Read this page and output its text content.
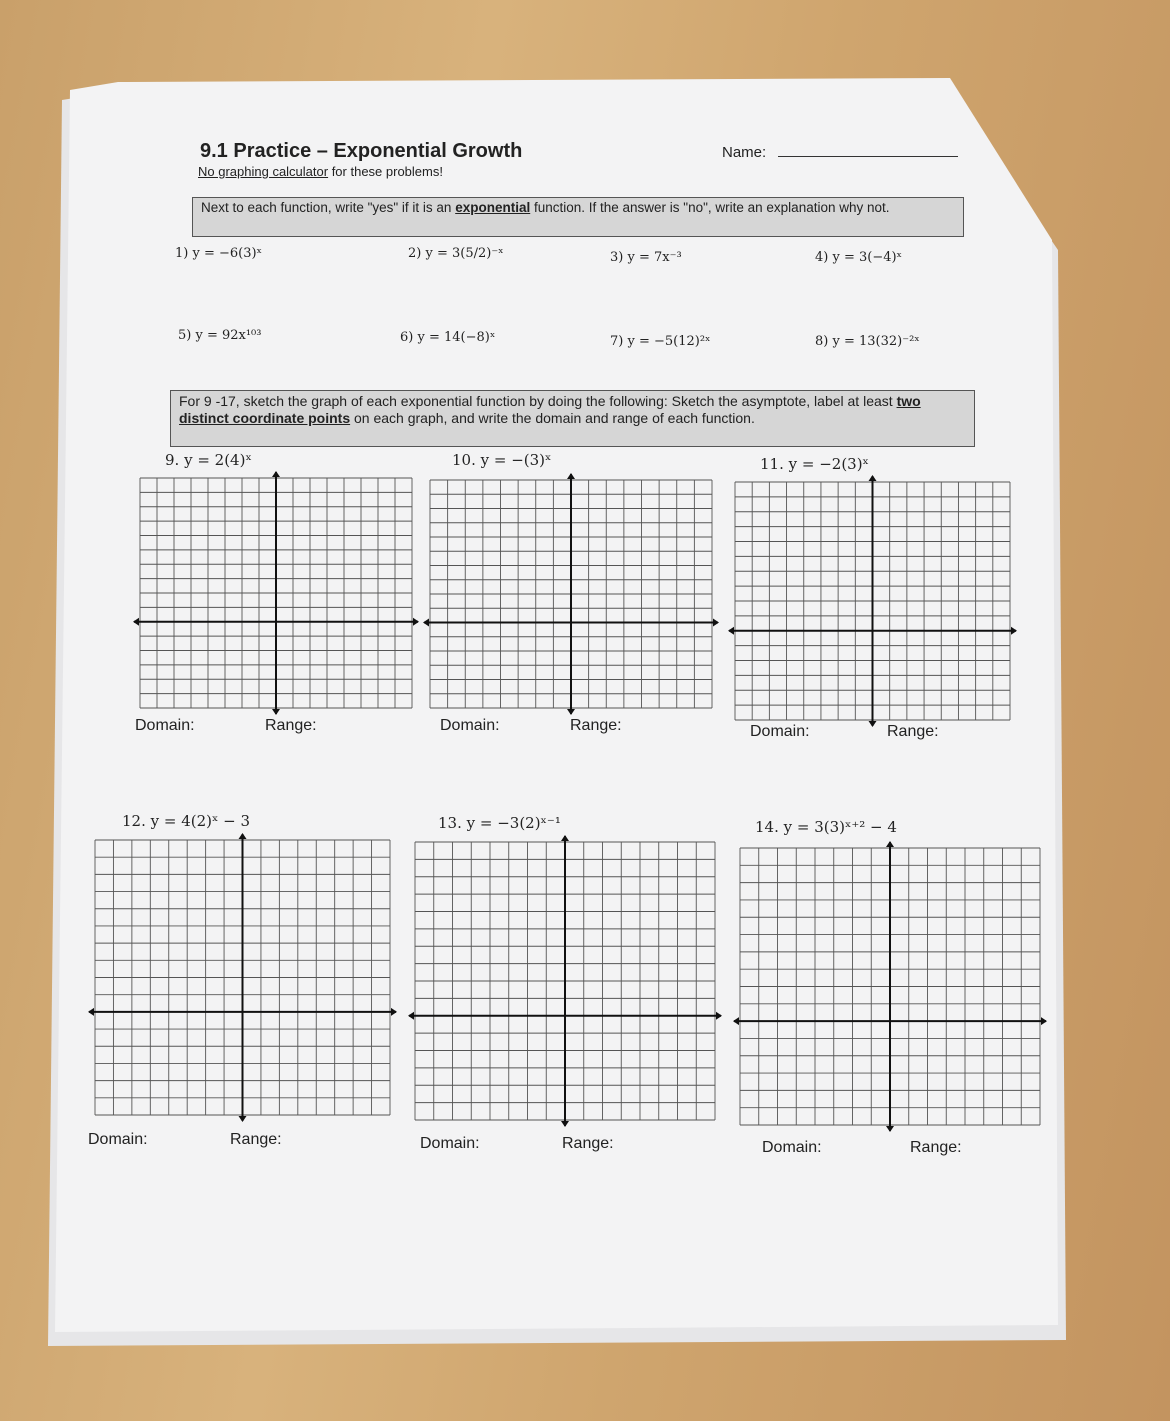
9.1 Practice – Exponential Growth	Name:
No graphing calculator for these problems!
Next to each function, write "yes" if it is an exponential function. If the answer is "no", write an explanation why not.
1) y = −6(3)ˣ	2) y = 3(5/2)⁻ˣ	3) y = 7x⁻³	4) y = 3(−4)ˣ
5) y = 92x¹⁰³	6) y = 14(−8)ˣ	7) y = −5(12)²ˣ	8) y = 13(32)⁻²ˣ
For 9 -17, sketch the graph of each exponential function by doing the following: Sketch the asymptote, label at least two distinct coordinate points on each graph, and write the domain and range of each function.
9. y = 2(4)ˣ
Domain:	Range:
10. y = −(3)ˣ
Domain:	Range:
11. y = −2(3)ˣ
Domain:	Range:
12. y = 4(2)ˣ − 3
Domain:	Range:
13. y = −3(2)ˣ⁻¹
Domain:	Range:
14. y = 3(3)ˣ⁺² − 4
Domain:	Range:
